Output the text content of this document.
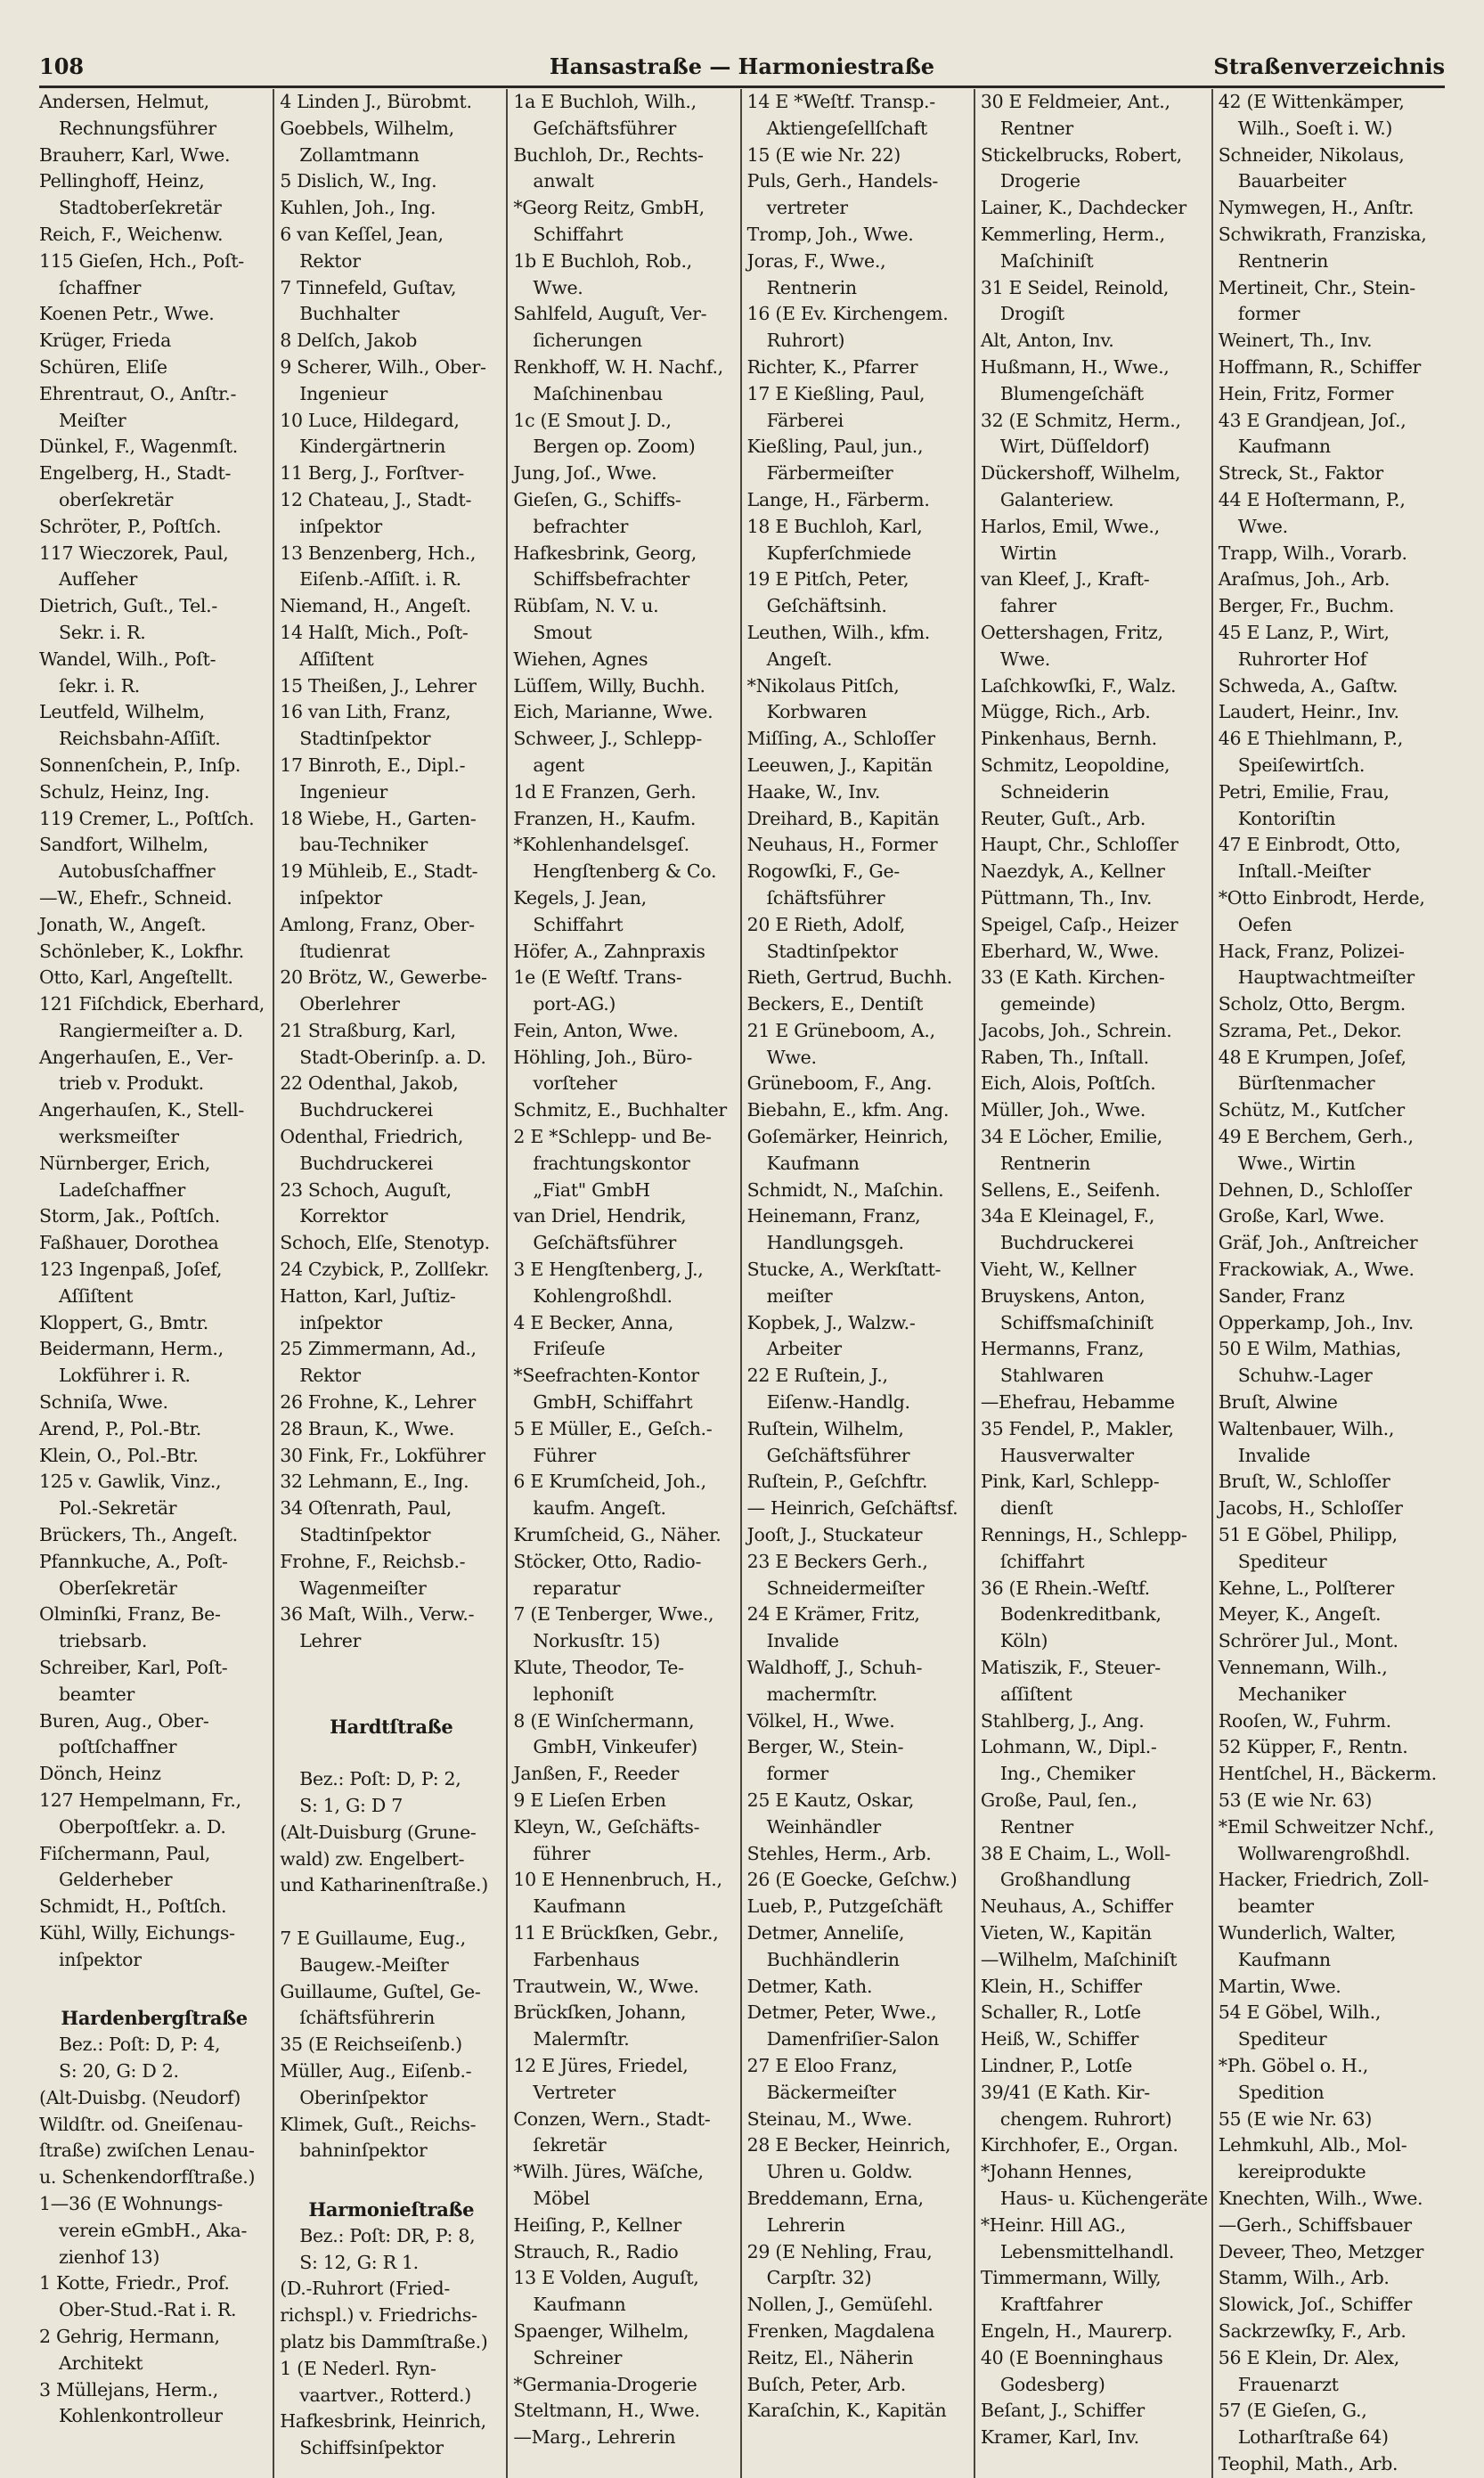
108	Hansastraße — Harmoniestraße	Straßenverzeichnis
Andersen, Helmut,
Rechnungsführer
Brauherr, Karl, Wwe.
Pellinghoff, Heinz,
Stadtoberſekretär
Reich, F., Weichenw.
115 Gieſen, Hch., Poſt-
ſchaffner
Koenen Petr., Wwe.
Krüger, Frieda
Schüren, Eliſe
Ehrentraut, O., Anſtr.-
Meiſter
Dünkel, F., Wagenmſt.
Engelberg, H., Stadt-
oberſekretär
Schröter, P., Poſtſch.
117 Wieczorek, Paul,
Aufſeher
Dietrich, Guſt., Tel.-
Sekr. i. R.
Wandel, Wilh., Poſt-
ſekr. i. R.
Leutfeld, Wilhelm,
Reichsbahn-Aſſiſt.
Sonnenſchein, P., Inſp.
Schulz, Heinz, Ing.
119 Cremer, L., Poſtſch.
Sandfort, Wilhelm,
Autobusſchaffner
—W., Ehefr., Schneid.
Jonath, W., Angeſt.
Schönleber, K., Lokfhr.
Otto, Karl, Angeſtellt.
121 Fiſchdick, Eberhard,
Rangiermeiſter a. D.
Angerhauſen, E., Ver-
trieb v. Produkt.
Angerhauſen, K., Stell-
werksmeiſter
Nürnberger, Erich,
Ladeſchaffner
Storm, Jak., Poſtſch.
Faßhauer, Dorothea
123 Ingenpaß, Joſef,
Aſſiſtent
Kloppert, G., Bmtr.
Beidermann, Herm.,
Lokführer i. R.
Schniſa, Wwe.
Arend, P., Pol.-Btr.
Klein, O., Pol.-Btr.
125 v. Gawlik, Vinz.,
Pol.-Sekretär
Brückers, Th., Angeſt.
Pfannkuche, A., Poſt-
Oberſekretär
Olminſki, Franz, Be-
triebsarb.
Schreiber, Karl, Poſt-
beamter
Buren, Aug., Ober-
poſtſchaffner
Dönch, Heinz
127 Hempelmann, Fr.,
Oberpoſtſekr. a. D.
Fiſchermann, Paul,
Gelderheber
Schmidt, H., Poſtſch.
Kühl, Willy, Eichungs-
inſpektor
Hardenbergſtraße
Bez.: Poſt: D, P: 4,
S: 20, G: D 2.
(Alt-Duisbg. (Neudorf)
Wildſtr. od. Gneiſenau-
ſtraße) zwiſchen Lenau-
u. Schenkendorfſtraße.)
1—36 (E Wohnungs-
verein eGmbH., Aka-
zienhof 13)
1 Kotte, Friedr., Prof.
Ober-Stud.-Rat i. R.
2 Gehrig, Hermann,
Architekt
3 Müllejans, Herm.,
Kohlenkontrolleur
4 Linden J., Bürobmt.
Goebbels, Wilhelm,
Zollamtmann
5 Dislich, W., Ing.
Kuhlen, Joh., Ing.
6 van Keſſel, Jean,
Rektor
7 Tinnefeld, Guſtav,
Buchhalter
8 Delſch, Jakob
9 Scherer, Wilh., Ober-
Ingenieur
10 Luce, Hildegard,
Kindergärtnerin
11 Berg, J., Forſtver-
12 Chateau, J., Stadt-
inſpektor
13 Benzenberg, Hch.,
Eiſenb.-Aſſiſt. i. R.
Niemand, H., Angeſt.
14 Halſt, Mich., Poſt-
Aſſiſtent
15 Theißen, J., Lehrer
16 van Lith, Franz,
Stadtinſpektor
17 Binroth, E., Dipl.-
Ingenieur
18 Wiebe, H., Garten-
bau-Techniker
19 Mühleib, E., Stadt-
inſpektor
Amlong, Franz, Ober-
ſtudienrat
20 Brötz, W., Gewerbe-
Oberlehrer
21 Straßburg, Karl,
Stadt-Oberinſp. a. D.
22 Odenthal, Jakob,
Buchdruckerei
Odenthal, Friedrich,
Buchdruckerei
23 Schoch, Auguſt,
Korrektor
Schoch, Elſe, Stenotyp.
24 Czybick, P., Zollſekr.
Hatton, Karl, Juſtiz-
inſpektor
25 Zimmermann, Ad.,
Rektor
26 Frohne, K., Lehrer
28 Braun, K., Wwe.
30 Fink, Fr., Lokführer
32 Lehmann, E., Ing.
34 Oſtenrath, Paul,
Stadtinſpektor
Frohne, F., Reichsb.-
Wagenmeiſter
36 Maſt, Wilh., Verw.-
Lehrer
Hardtſtraße
Bez.: Poſt: D, P: 2,
S: 1, G: D 7
(Alt-Duisburg (Grune-
wald) zw. Engelbert-
und Katharinenſtraße.)
7 E Guillaume, Eug.,
Baugew.-Meiſter
Guillaume, Guſtel, Ge-
ſchäftsführerin
35 (E Reichseiſenb.)
Müller, Aug., Eiſenb.-
Oberinſpektor
Klimek, Guſt., Reichs-
bahninſpektor
Harmonieſtraße
Bez.: Poſt: DR, P: 8,
S: 12, G: R 1.
(D.-Ruhrort (Fried-
richspl.) v. Friedrichs-
platz bis Dammſtraße.)
1 (E Nederl. Ryn-
vaartver., Rotterd.)
Hafkesbrink, Heinrich,
Schiffsinſpektor
1a E Buchloh, Wilh.,
Geſchäftsführer
Buchloh, Dr., Rechts-
anwalt
*Georg Reitz, GmbH,
Schiffahrt
1b E Buchloh, Rob.,
Wwe.
Sahlfeld, Auguſt, Ver-
ſicherungen
Renkhoff, W. H. Nachf.,
Maſchinenbau
1c (E Smout J. D.,
Bergen op. Zoom)
Jung, Joſ., Wwe.
Gieſen, G., Schiffs-
befrachter
Hafkesbrink, Georg,
Schiffsbefrachter
Rübſam, N. V. u.
Smout
Wiehen, Agnes
Lüſſem, Willy, Buchh.
Eich, Marianne, Wwe.
Schweer, J., Schlepp-
agent
1d E Franzen, Gerh.
Franzen, H., Kaufm.
*Kohlenhandelsgeſ.
Hengſtenberg & Co.
Kegels, J. Jean,
Schiffahrt
Höfer, A., Zahnpraxis
1e (E Weſtf. Trans-
port-AG.)
Fein, Anton, Wwe.
Höhling, Joh., Büro-
vorſteher
Schmitz, E., Buchhalter
2 E *Schlepp- und Be-
frachtungskontor
„Fiat" GmbH
van Driel, Hendrik,
Geſchäftsführer
3 E Hengſtenberg, J.,
Kohlengroßhdl.
4 E Becker, Anna,
Friſeuſe
*Seefrachten-Kontor
GmbH, Schiffahrt
5 E Müller, E., Geſch.-
Führer
6 E Krumſcheid, Joh.,
kaufm. Angeſt.
Krumſcheid, G., Näher.
Stöcker, Otto, Radio-
reparatur
7 (E Tenberger, Wwe.,
Norkusſtr. 15)
Klute, Theodor, Te-
lephoniſt
8 (E Winſchermann,
GmbH, Vinkeufer)
Janßen, F., Reeder
9 E Lieſen Erben
Kleyn, W., Geſchäfts-
führer
10 E Hennenbruch, H.,
Kaufmann
11 E Brückſken, Gebr.,
Farbenhaus
Trautwein, W., Wwe.
Brückſken, Johann,
Malermſtr.
12 E Jüres, Friedel,
Vertreter
Conzen, Wern., Stadt-
ſekretär
*Wilh. Jüres, Wäſche,
Möbel
Heiſing, P., Kellner
Strauch, R., Radio
13 E Volden, Auguſt,
Kaufmann
Spaenger, Wilhelm,
Schreiner
*Germania-Drogerie
Steltmann, H., Wwe.
—Marg., Lehrerin
14 E *Weſtf. Transp.-
Aktiengeſellſchaft
15 (E wie Nr. 22)
Puls, Gerh., Handels-
vertreter
Tromp, Joh., Wwe.
Joras, F., Wwe.,
Rentnerin
16 (E Ev. Kirchengem.
Ruhrort)
Richter, K., Pfarrer
17 E Kießling, Paul,
Färberei
Kießling, Paul, jun.,
Färbermeiſter
Lange, H., Färberm.
18 E Buchloh, Karl,
Kupferſchmiede
19 E Pitſch, Peter,
Geſchäftsinh.
Leuthen, Wilh., kfm.
Angeſt.
*Nikolaus Pitſch,
Korbwaren
Miſſing, A., Schloſſer
Leeuwen, J., Kapitän
Haake, W., Inv.
Dreihard, B., Kapitän
Neuhaus, H., Former
Rogowſki, F., Ge-
ſchäftsführer
20 E Rieth, Adolf,
Stadtinſpektor
Rieth, Gertrud, Buchh.
Beckers, E., Dentiſt
21 E Grüneboom, A.,
Wwe.
Grüneboom, F., Ang.
Biebahn, E., kfm. Ang.
Goſemärker, Heinrich,
Kaufmann
Schmidt, N., Maſchin.
Heinemann, Franz,
Handlungsgeh.
Stucke, A., Werkſtatt-
meiſter
Kopbek, J., Walzw.-
Arbeiter
22 E Ruſtein, J.,
Eiſenw.-Handlg.
Ruſtein, Wilhelm,
Geſchäftsführer
Ruſtein, P., Geſchftr.
— Heinrich, Geſchäftsf.
Jooſt, J., Stuckateur
23 E Beckers Gerh.,
Schneidermeiſter
24 E Krämer, Fritz,
Invalide
Waldhoff, J., Schuh-
machermſtr.
Völkel, H., Wwe.
Berger, W., Stein-
former
25 E Kautz, Oskar,
Weinhändler
Stehles, Herm., Arb.
26 (E Goecke, Geſchw.)
Lueb, P., Putzgeſchäft
Detmer, Anneliſe,
Buchhändlerin
Detmer, Kath.
Detmer, Peter, Wwe.,
Damenfriſier-Salon
27 E Eloo Franz,
Bäckermeiſter
Steinau, M., Wwe.
28 E Becker, Heinrich,
Uhren u. Goldw.
Breddemann, Erna,
Lehrerin
29 (E Nehling, Frau,
Carpſtr. 32)
Nollen, J., Gemüſehl.
Frenken, Magdalena
Reitz, El., Näherin
Buſch, Peter, Arb.
Karaſchin, K., Kapitän
30 E Feldmeier, Ant.,
Rentner
Stickelbrucks, Robert,
Drogerie
Lainer, K., Dachdecker
Kemmerling, Herm.,
Maſchiniſt
31 E Seidel, Reinold,
Drogiſt
Alt, Anton, Inv.
Hußmann, H., Wwe.,
Blumengeſchäft
32 (E Schmitz, Herm.,
Wirt, Düſſeldorf)
Dückershoff, Wilhelm,
Galanteriew.
Harlos, Emil, Wwe.,
Wirtin
van Kleef, J., Kraft-
fahrer
Oettershagen, Fritz,
Wwe.
Laſchkowſki, F., Walz.
Mügge, Rich., Arb.
Pinkenhaus, Bernh.
Schmitz, Leopoldine,
Schneiderin
Reuter, Guſt., Arb.
Haupt, Chr., Schloſſer
Naezdyk, A., Kellner
Püttmann, Th., Inv.
Speigel, Caſp., Heizer
Eberhard, W., Wwe.
33 (E Kath. Kirchen-
gemeinde)
Jacobs, Joh., Schrein.
Raben, Th., Inſtall.
Eich, Alois, Poſtſch.
Müller, Joh., Wwe.
34 E Löcher, Emilie,
Rentnerin
Sellens, E., Seifenh.
34a E Kleinagel, F.,
Buchdruckerei
Vieht, W., Kellner
Bruyskens, Anton,
Schiffsmaſchiniſt
Hermanns, Franz,
Stahlwaren
—Ehefrau, Hebamme
35 Fendel, P., Makler,
Hausverwalter
Pink, Karl, Schlepp-
dienſt
Rennings, H., Schlepp-
ſchiffahrt
36 (E Rhein.-Weſtf.
Bodenkreditbank,
Köln)
Matiszik, F., Steuer-
aſſiſtent
Stahlberg, J., Ang.
Lohmann, W., Dipl.-
Ing., Chemiker
Große, Paul, ſen.,
Rentner
38 E Chaim, L., Woll-
Großhandlung
Neuhaus, A., Schiffer
Vieten, W., Kapitän
—Wilhelm, Maſchiniſt
Klein, H., Schiffer
Schaller, R., Lotſe
Heiß, W., Schiffer
Lindner, P., Lotſe
39/41 (E Kath. Kir-
chengem. Ruhrort)
Kirchhofer, E., Organ.
*Johann Hennes,
Haus- u. Küchengeräte
*Heinr. Hill AG.,
Lebensmittelhandl.
Timmermann, Willy,
Kraftfahrer
Engeln, H., Maurerp.
40 (E Boenninghaus
Godesberg)
Beſant, J., Schiffer
Kramer, Karl, Inv.
42 (E Wittenkämper,
Wilh., Soeſt i. W.)
Schneider, Nikolaus,
Bauarbeiter
Nymwegen, H., Anſtr.
Schwikrath, Franziska,
Rentnerin
Mertineit, Chr., Stein-
former
Weinert, Th., Inv.
Hoffmann, R., Schiffer
Hein, Fritz, Former
43 E Grandjean, Joſ.,
Kaufmann
Streck, St., Faktor
44 E Hoſtermann, P.,
Wwe.
Trapp, Wilh., Vorarb.
Araſmus, Joh., Arb.
Berger, Fr., Buchm.
45 E Lanz, P., Wirt,
Ruhrorter Hof
Schweda, A., Gaſtw.
Laudert, Heinr., Inv.
46 E Thiehlmann, P.,
Speiſewirtſch.
Petri, Emilie, Frau,
Kontoriſtin
47 E Einbrodt, Otto,
Inſtall.-Meiſter
*Otto Einbrodt, Herde,
Oefen
Hack, Franz, Polizei-
Hauptwachtmeiſter
Scholz, Otto, Bergm.
Szrama, Pet., Dekor.
48 E Krumpen, Joſef,
Bürſtenmacher
Schütz, M., Kutſcher
49 E Berchem, Gerh.,
Wwe., Wirtin
Dehnen, D., Schloſſer
Große, Karl, Wwe.
Gräf, Joh., Anſtreicher
Frackowiak, A., Wwe.
Sander, Franz
Opperkamp, Joh., Inv.
50 E Wilm, Mathias,
Schuhw.-Lager
Bruſt, Alwine
Waltenbauer, Wilh.,
Invalide
Bruſt, W., Schloſſer
Jacobs, H., Schloſſer
51 E Göbel, Philipp,
Spediteur
Kehne, L., Polſterer
Meyer, K., Angeſt.
Schrörer Jul., Mont.
Vennemann, Wilh.,
Mechaniker
Rooſen, W., Fuhrm.
52 Küpper, F., Rentn.
Hentſchel, H., Bäckerm.
53 (E wie Nr. 63)
*Emil Schweitzer Nchf.,
Wollwarengroßhdl.
Hacker, Friedrich, Zoll-
beamter
Wunderlich, Walter,
Kaufmann
Martin, Wwe.
54 E Göbel, Wilh.,
Spediteur
*Ph. Göbel o. H.,
Spedition
55 (E wie Nr. 63)
Lehmkuhl, Alb., Mol-
kereiprodukte
Knechten, Wilh., Wwe.
—Gerh., Schiffsbauer
Deveer, Theo, Metzger
Stamm, Wilh., Arb.
Slowick, Joſ., Schiffer
Sackrzewſky, F., Arb.
56 E Klein, Dr. Alex,
Frauenarzt
57 (E Gieſen, G.,
Lotharſtraße 64)
Teophil, Math., Arb.
